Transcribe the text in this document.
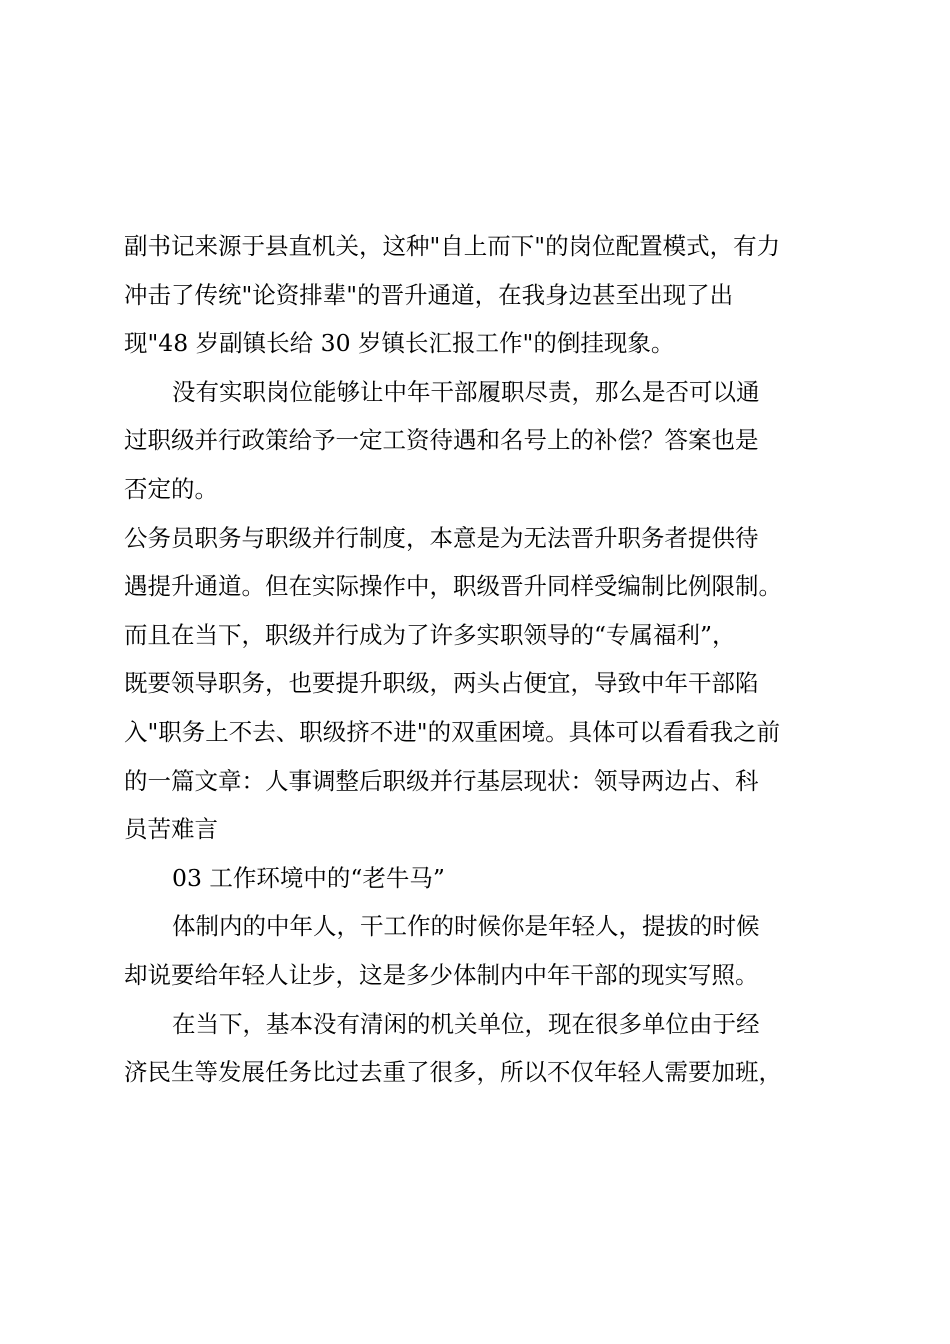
副书记来源于县直机关，这种"自上而下"的岗位配置模式，有力
冲击了传统"论资排辈"的晋升通道，在我身边甚至出现了出
现"48 岁副镇长给 30 岁镇长汇报工作"的倒挂现象。
没有实职岗位能够让中年干部履职尽责，那么是否可以通
过职级并行政策给予一定工资待遇和名号上的补偿？答案也是
否定的。
公务员职务与职级并行制度，本意是为无法晋升职务者提供待
遇提升通道。但在实际操作中，职级晋升同样受编制比例限制。
而且在当下，职级并行成为了许多实职领导的“专属福利”，
既要领导职务，也要提升职级，两头占便宜，导致中年干部陷
入"职务上不去、职级挤不进"的双重困境。具体可以看看我之前
的一篇文章：人事调整后职级并行基层现状：领导两边占、科
员苦难言
03 工作环境中的“老牛马”
体制内的中年人，干工作的时候你是年轻人，提拔的时候
却说要给年轻人让步，这是多少体制内中年干部的现实写照。
在当下，基本没有清闲的机关单位，现在很多单位由于经
济民生等发展任务比过去重了很多，所以不仅年轻人需要加班，
